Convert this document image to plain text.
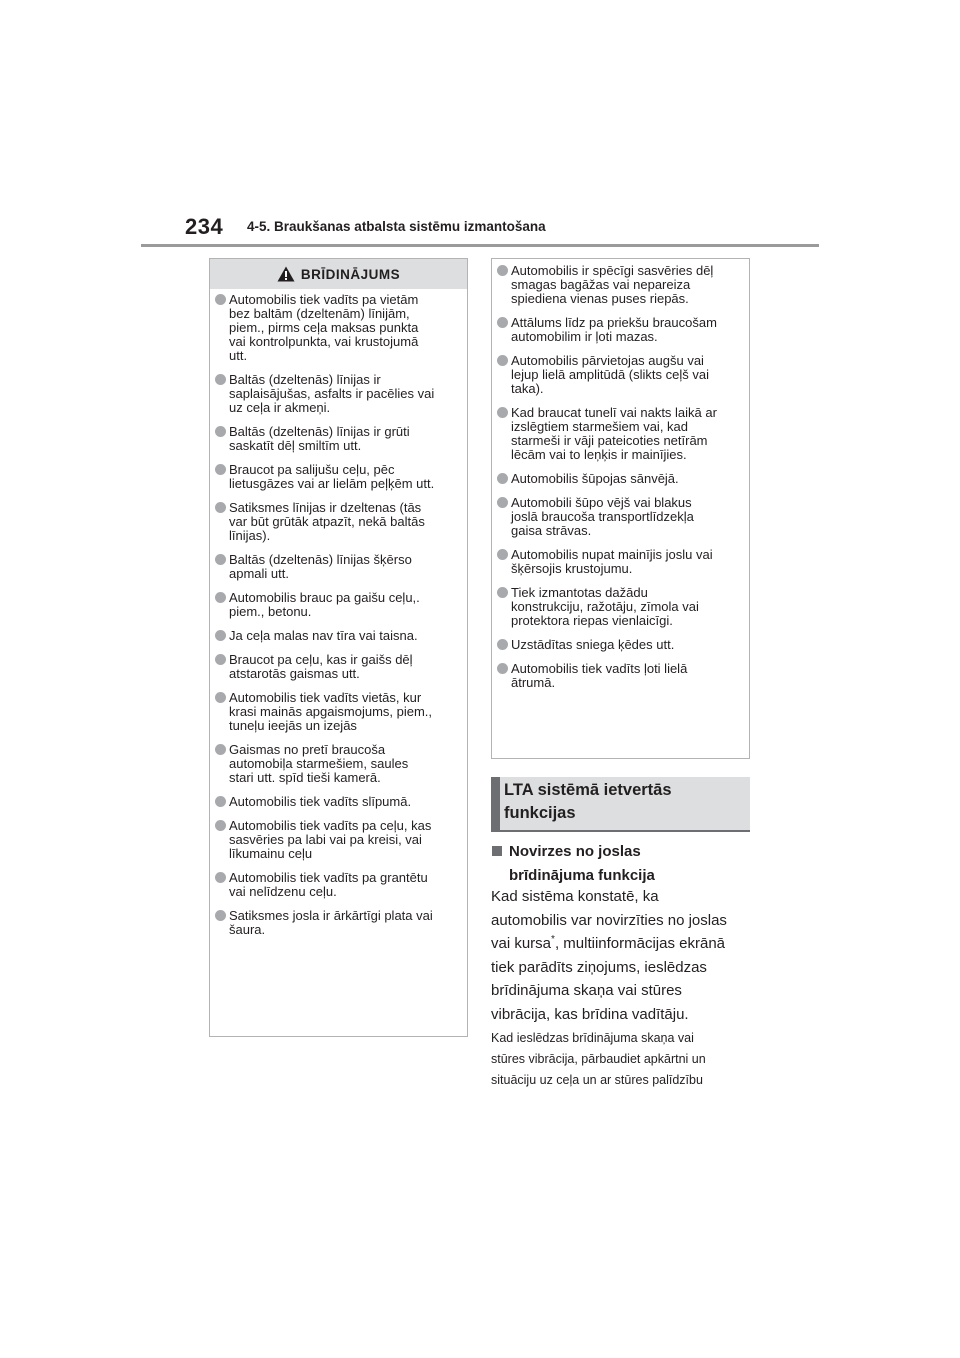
234 4-5. Braukšanas atbalsta sistēmu izmantošana
BRĪDINĀJUMS
Automobilis tiek vadīts pa vietām
bez baltām (dzeltenām) līnijām,
piem., pirms ceļa maksas punkta
vai kontrolpunkta, vai krustojumā
utt.
Baltās (dzeltenās) līnijas ir
saplaisājušas, asfalts ir pacēlies vai
uz ceļa ir akmeņi.
Baltās (dzeltenās) līnijas ir grūti
saskatīt dēļ smiltīm utt.
Braucot pa salijušu ceļu, pēc
lietusgāzes vai ar lielām peļķēm utt.
Satiksmes līnijas ir dzeltenas (tās
var būt grūtāk atpazīt, nekā baltās
līnijas).
Baltās (dzeltenās) līnijas šķērso
apmali utt.
Automobilis brauc pa gaišu ceļu,.
piem., betonu.
Ja ceļa malas nav tīra vai taisna.
Braucot pa ceļu, kas ir gaišs dēļ
atstarotās gaismas utt.
Automobilis tiek vadīts vietās, kur
krasi mainās apgaismojums, piem.,
tuneļu ieejās un izejās
Gaismas no pretī braucoša
automobiļa starmešiem, saules
stari utt. spīd tieši kamerā.
Automobilis tiek vadīts slīpumā.
Automobilis tiek vadīts pa ceļu, kas
sasvēries pa labi vai pa kreisi, vai
līkumainu ceļu
Automobilis tiek vadīts pa grantētu
vai nelīdzenu ceļu.
Satiksmes josla ir ārkārtīgi plata vai
šaura.
Automobilis ir spēcīgi sasvēries dēļ
smagas bagāžas vai nepareiza
spiediena vienas puses riepās.
Attālums līdz pa priekšu braucošam
automobilim ir ļoti mazas.
Automobilis pārvietojas augšu vai
lejup lielā amplitūdā (slikts ceļš vai
taka).
Kad braucat tunelī vai nakts laikā ar
izslēgtiem starmešiem vai, kad
starmeši ir vāji pateicoties netīrām
lēcām vai to leņķis ir mainījies.
Automobilis šūpojas sānvējā.
Automobili šūpo vējš vai blakus
joslā braucoša transportlīdzekļa
gaisa strāvas.
Automobilis nupat mainījis joslu vai
šķērsojis krustojumu.
Tiek izmantotas dažādu
konstrukciju, ražotāju, zīmola vai
protektora riepas vienlaicīgi.
Uzstādītas sniega ķēdes utt.
Automobilis tiek vadīts ļoti lielā
ātrumā.
LTA sistēmā ietvertās
funkcijas
Novirzes no joslas
brīdinājuma funkcija

Kad sistēma konstatē, ka
automobilis var novirzīties no joslas
vai kursa*, multiinformācijas ekrānā
tiek parādīts ziņojums, ieslēdzas
brīdinājuma skaņa vai stūres
vibrācija, kas brīdina vadītāju.

Kad ieslēdzas brīdinājuma skaņa vai
stūres vibrācija, pārbaudiet apkārtni un
situāciju uz ceļa un ar stūres palīdzību
